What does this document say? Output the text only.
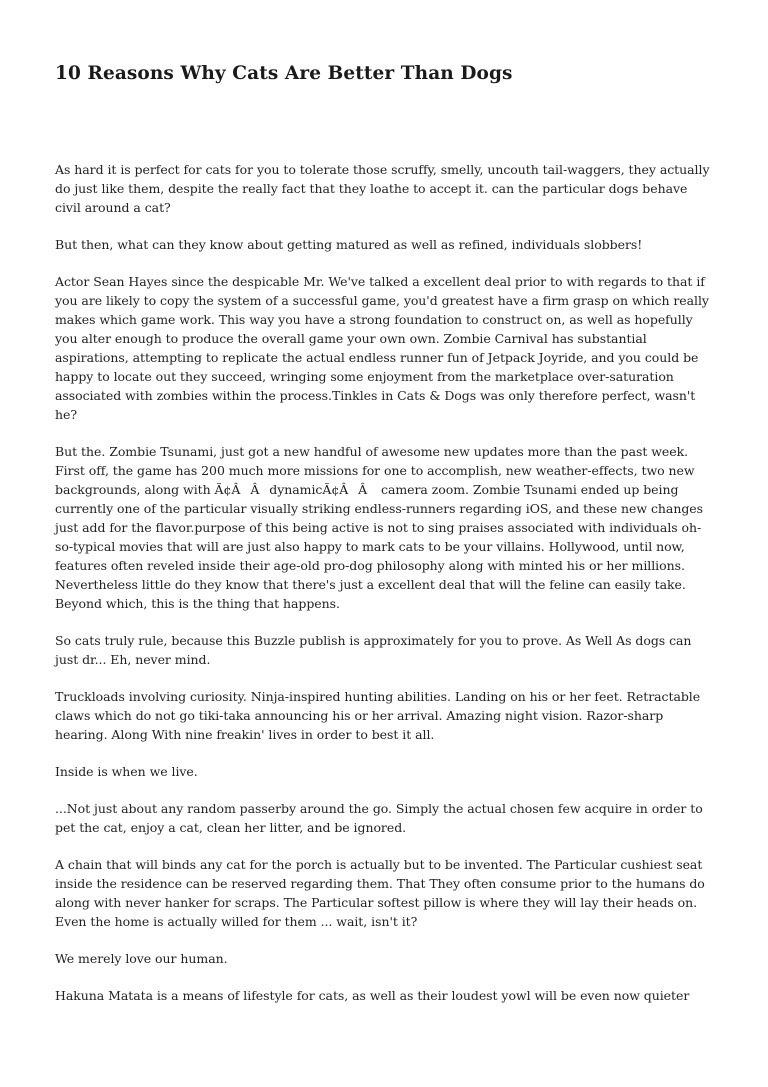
10 Reasons Why Cats Are Better Than Dogs

As hard it is perfect for cats for you to tolerate those scruffy, smelly, uncouth tail-waggers, they actually do just like them, despite the really fact that they loathe to accept it. can the particular dogs behave civil around a cat?

But then, what can they know about getting matured as well as refined, individuals slobbers!

Actor Sean Hayes since the despicable Mr. We've talked a excellent deal prior to with regards to that if you are likely to copy the system of a successful game, you'd greatest have a firm grasp on which really makes which game work. This way you have a strong foundation to construct on, as well as hopefully you alter enough to produce the overall game your own own. Zombie Carnival has substantial aspirations, attempting to replicate the actual endless runner fun of Jetpack Joyride, and you could be happy to locate out they succeed, wringing some enjoyment from the marketplace over-saturation associated with zombies within the process.Tinkles in Cats & Dogs was only therefore perfect, wasn't he?

But the. Zombie Tsunami, just got a new handful of awesome new updates more than the past week. First off, the game has 200 much more missions for one to accomplish, new weather-effects, two new backgrounds, along with Ã¢ÂÂdynamicÃ¢ÂÂ camera zoom. Zombie Tsunami ended up being currently one of the particular visually striking endless-runners regarding iOS, and these new changes just add for the flavor.purpose of this being active is not to sing praises associated with individuals oh-so-typical movies that will are just also happy to mark cats to be your villains. Hollywood, until now, features often reveled inside their age-old pro-dog philosophy along with minted his or her millions. Nevertheless little do they know that there's just a excellent deal that will the feline can easily take. Beyond which, this is the thing that happens.

So cats truly rule, because this Buzzle publish is approximately for you to prove. As Well As dogs can just dr... Eh, never mind.

Truckloads involving curiosity. Ninja-inspired hunting abilities. Landing on his or her feet. Retractable claws which do not go tiki-taka announcing his or her arrival. Amazing night vision. Razor-sharp hearing. Along With nine freakin' lives in order to best it all.

Inside is when we live.

...Not just about any random passerby around the go. Simply the actual chosen few acquire in order to pet the cat, enjoy a cat, clean her litter, and be ignored.

A chain that will binds any cat for the porch is actually but to be invented. The Particular cushiest seat inside the residence can be reserved regarding them. That They often consume prior to the humans do along with never hanker for scraps. The Particular softest pillow is where they will lay their heads on. Even the home is actually willed for them ... wait, isn't it?

We merely love our human.

Hakuna Matata is a means of lifestyle for cats, as well as their loudest yowl will be even now quieter
